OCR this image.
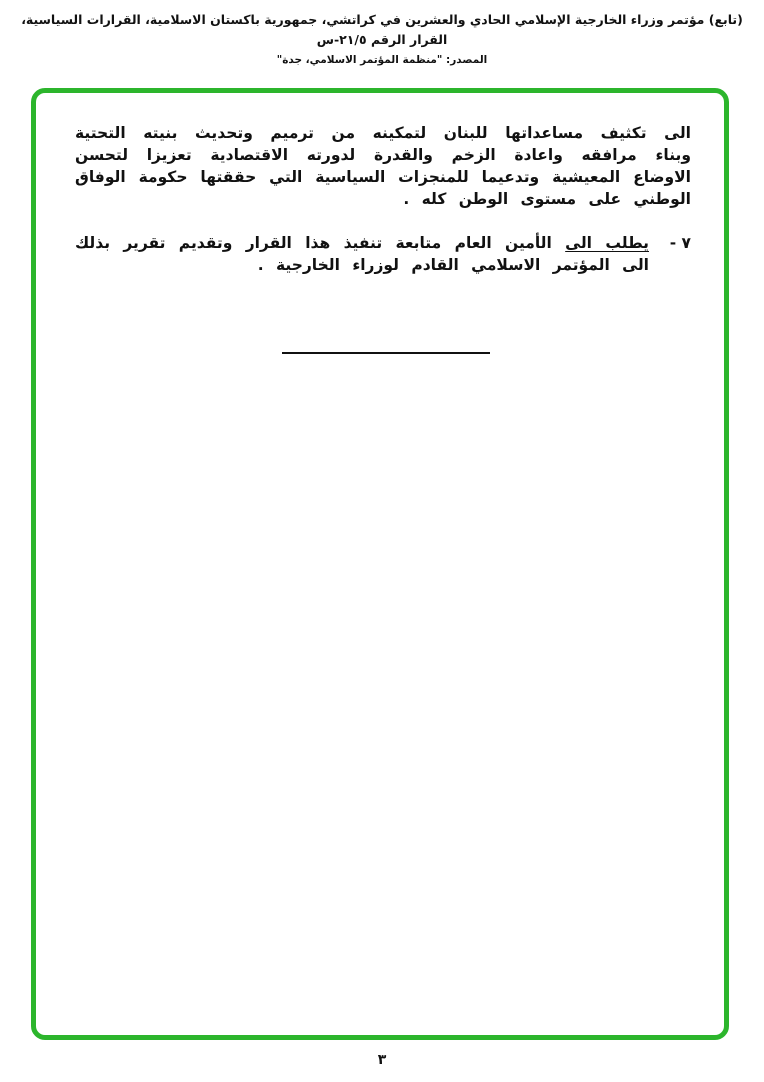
(تابع) مؤتمر وزراء الخارجية الإسلامي الحادي والعشرين في كراتشي، جمهورية باكستان الاسلامية، القرارات السياسية، القرار الرقم ٢١/٥-س
المصدر: "منظمة المؤتمر الاسلامي، جدة"
الى تكثيف مساعداتها للبنان لتمكينه من ترميم وتحديث بنيته التحتية وبناء مرافقه واعادة الزخم والقدرة لدورته الاقتصادية تعزيزا لتحسن الاوضاع المعيشية وتدعيما للمنجزات السياسية التي حققتها حكومة الوفاق الوطني على مستوى الوطن كله .
٧ -
يطلب الى الأمين العام متابعة تنفيذ هذا القرار وتقديم تقرير بذلك الى المؤتمر الاسلامي القادم لوزراء الخارجية .
٣
